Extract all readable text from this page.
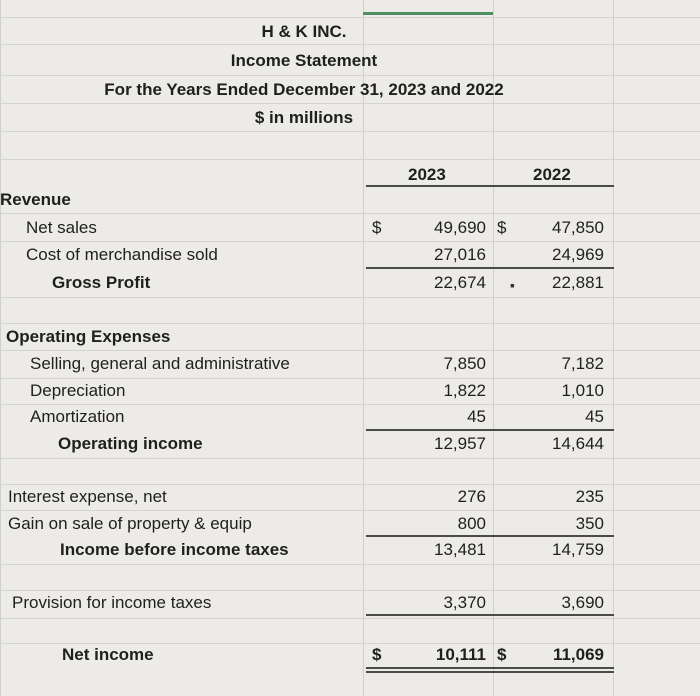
H & K INC.
Income Statement
For the Years Ended December 31, 2023 and 2022
$ in millions
2023	2022
Revenue
Net sales	$	49,690 $	47,850
Cost of merchandise sold	27,016	24,969
Gross Profit	22,674 ▪ 22,881
Operating Expenses
Selling, general and administrative	7,850	7,182
Depreciation	1,822	1,010
Amortization	45	45
Operating income	12,957	14,644
Interest expense, net	276	235
Gain on sale of property & equip	800	350
Income before income taxes	13,481	14,759
Provision for income taxes	3,370	3,690
Net income	$	10,111 $	11,069
